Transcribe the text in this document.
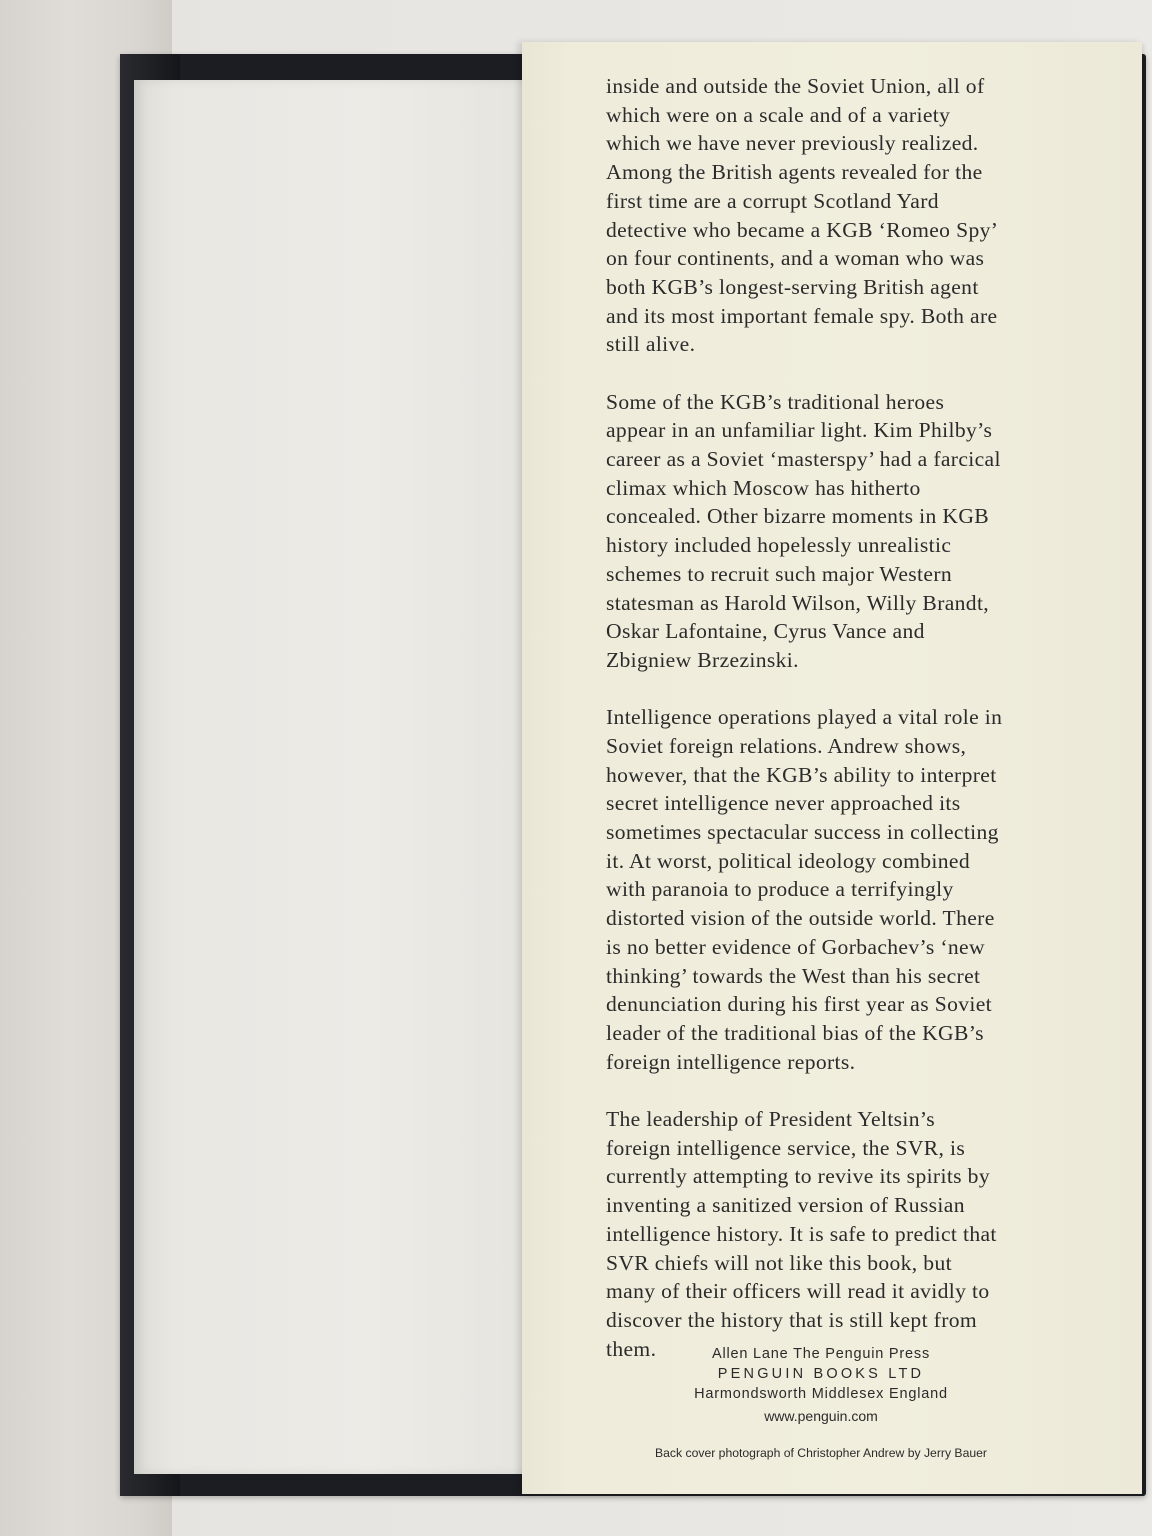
inside and outside the Soviet Union, all of
which were on a scale and of a variety
which we have never previously realized.
Among the British agents revealed for the
first time are a corrupt Scotland Yard
detective who became a KGB ‘Romeo Spy’
on four continents, and a woman who was
both KGB’s longest-serving British agent
and its most important female spy. Both are
still alive.
Some of the KGB’s traditional heroes
appear in an unfamiliar light. Kim Philby’s
career as a Soviet ‘masterspy’ had a farcical
climax which Moscow has hitherto
concealed. Other bizarre moments in KGB
history included hopelessly unrealistic
schemes to recruit such major Western
statesman as Harold Wilson, Willy Brandt,
Oskar Lafontaine, Cyrus Vance and
Zbigniew Brzezinski.
Intelligence operations played a vital role in
Soviet foreign relations. Andrew shows,
however, that the KGB’s ability to interpret
secret intelligence never approached its
sometimes spectacular success in collecting
it. At worst, political ideology combined
with paranoia to produce a terrifyingly
distorted vision of the outside world. There
is no better evidence of Gorbachev’s ‘new
thinking’ towards the West than his secret
denunciation during his first year as Soviet
leader of the traditional bias of the KGB’s
foreign intelligence reports.
The leadership of President Yeltsin’s
foreign intelligence service, the SVR, is
currently attempting to revive its spirits by
inventing a sanitized version of Russian
intelligence history. It is safe to predict that
SVR chiefs will not like this book, but
many of their officers will read it avidly to
discover the history that is still kept from
them.	Allen Lane The Penguin Press
PENGUIN BOOKS LTD
Harmondsworth Middlesex England
www.penguin.com
Back cover photograph of Christopher Andrew by Jerry Bauer
